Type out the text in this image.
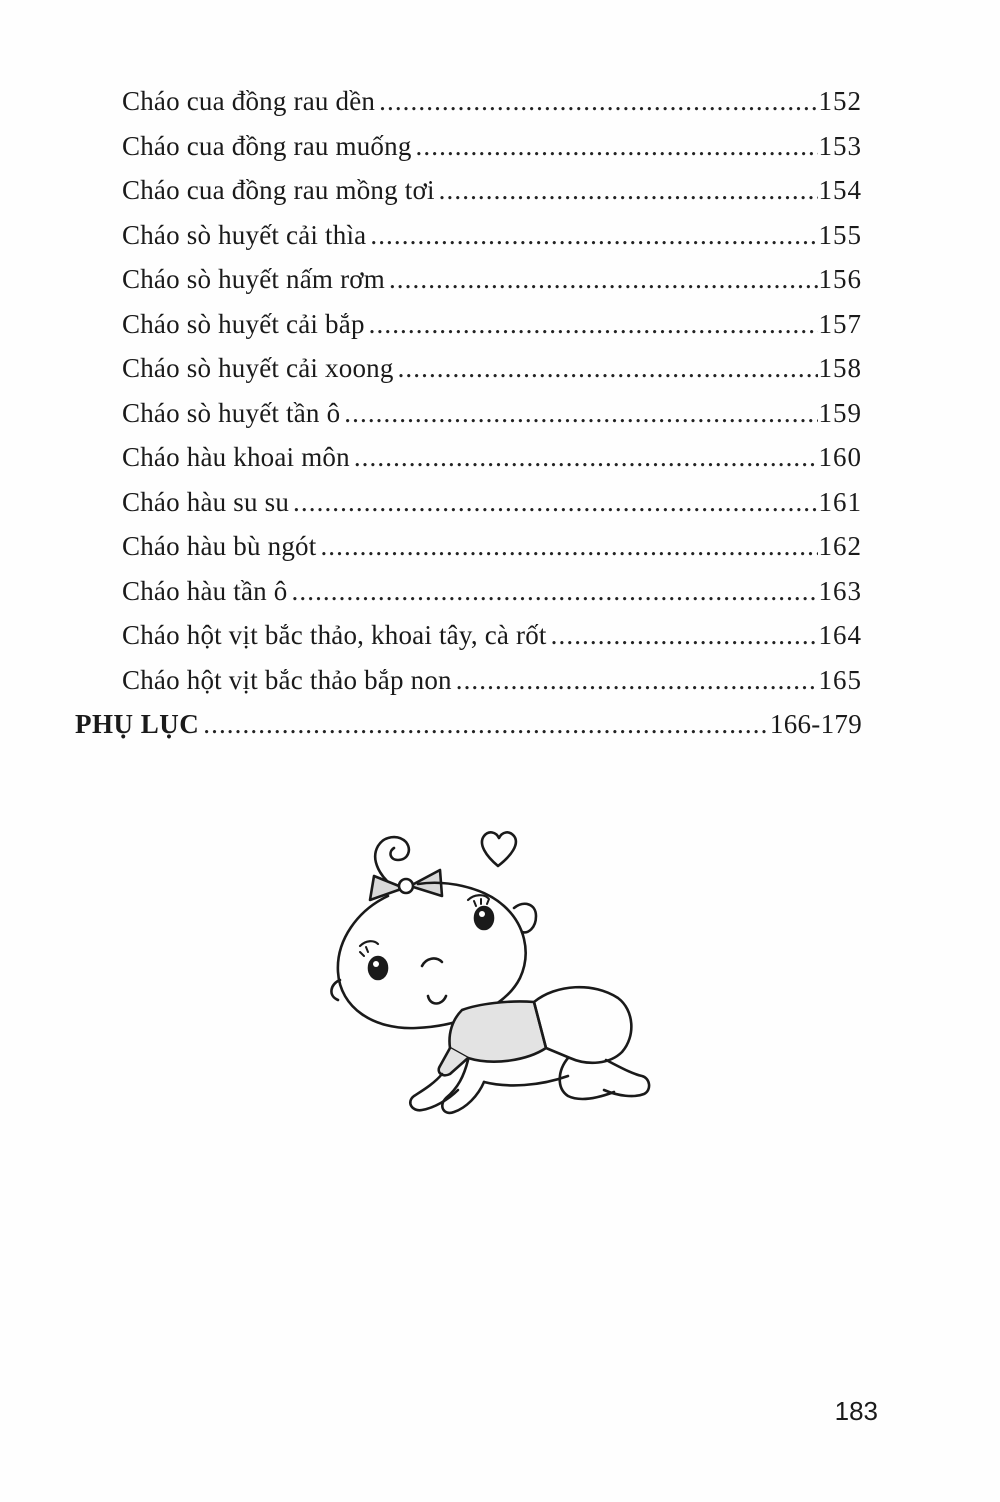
Cháo cua đồng rau dền .....	152
Cháo cua đồng rau muống .....	153
Cháo cua đồng rau mồng tơi .....	154
Cháo sò huyết cải thìa .....	155
Cháo sò huyết nấm rơm .....	156
Cháo sò huyết cải bắp .....	157
Cháo sò huyết cải xoong .....	158
Cháo sò huyết tần ô .....	159
Cháo hàu khoai môn .....	160
Cháo hàu su su .....	161
Cháo hàu bù ngót .....	162
Cháo hàu tần ô .....	163
Cháo hột vịt bắc thảo, khoai tây, cà rốt .....	164
Cháo hột vịt bắc thảo bắp non .....	165
PHỤ LỤC .....	166-179
183
